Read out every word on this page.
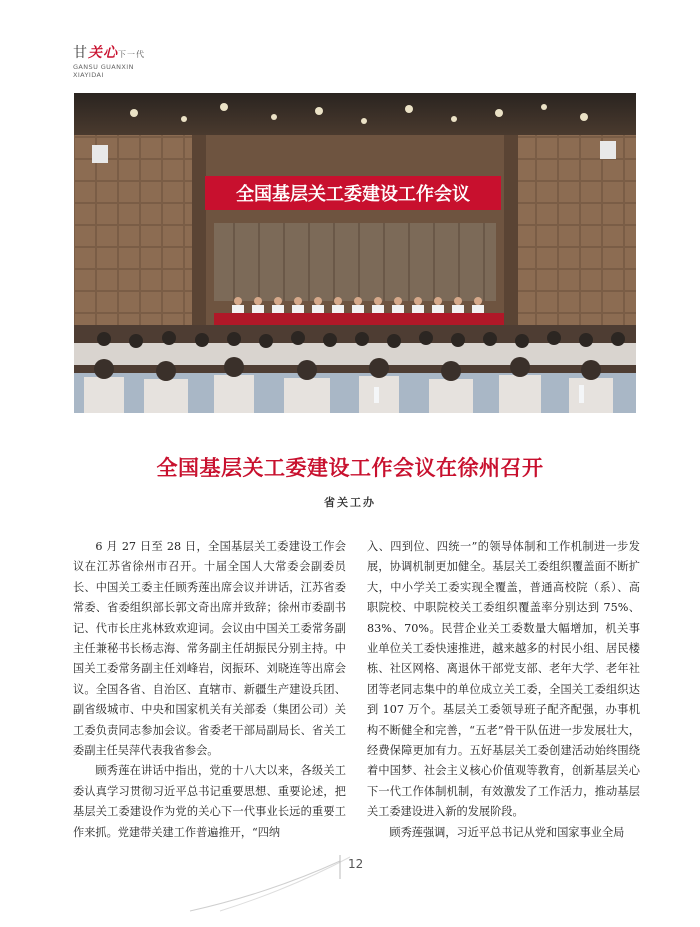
甘关心下一代
GANSU GUANXIN
XIAYIDAI
全国基层关工委建设工作会议
全国基层关工委建设工作会议在徐州召开
省关工办

6 月 27 日至 28 日，全国基层关工委建设工作会议在江苏省徐州市召开。十届全国人大常委会副委员长、中国关工委主任顾秀莲出席会议并讲话，江苏省委常委、省委组织部长郭文奇出席并致辞；徐州市委副书记、代市长庄兆林致欢迎词。会议由中国关工委常务副主任兼秘书长杨志海、常务副主任胡振民分别主持。中国关工委常务副主任刘峰岩，闵振环、刘晓连等出席会议。全国各省、自治区、直辖市、新疆生产建设兵团、副省级城市、中央和国家机关有关部委（集团公司）关工委负责同志参加会议。省委老干部局副局长、省关工委副主任吴萍代表我省参会。

顾秀莲在讲话中指出，党的十八大以来，各级关工委认真学习贯彻习近平总书记重要思想、重要论述，把基层关工委建设作为党的关心下一代事业长远的重要工作来抓。党建带关建工作普遍推开，“四纳

入、四到位、四统一”的领导体制和工作机制进一步发展，协调机制更加健全。基层关工委组织覆盖面不断扩大，中小学关工委实现全覆盖，普通高校院（系）、高职院校、中职院校关工委组织覆盖率分别达到 75%、83%、70%。民营企业关工委数量大幅增加，机关事业单位关工委快速推进，越来越多的村民小组、居民楼栋、社区网格、离退休干部党支部、老年大学、老年社团等老同志集中的单位成立关工委，全国关工委组织达到 107 万个。基层关工委领导班子配齐配强，办事机构不断健全和完善，“五老”骨干队伍进一步发展壮大，经费保障更加有力。五好基层关工委创建活动始终围绕着中国梦、社会主义核心价值观等教育，创新基层关心下一代工作体制机制，有效激发了工作活力，推动基层关工委建设进入新的发展阶段。

顾秀莲强调，习近平总书记从党和国家事业全局

12
